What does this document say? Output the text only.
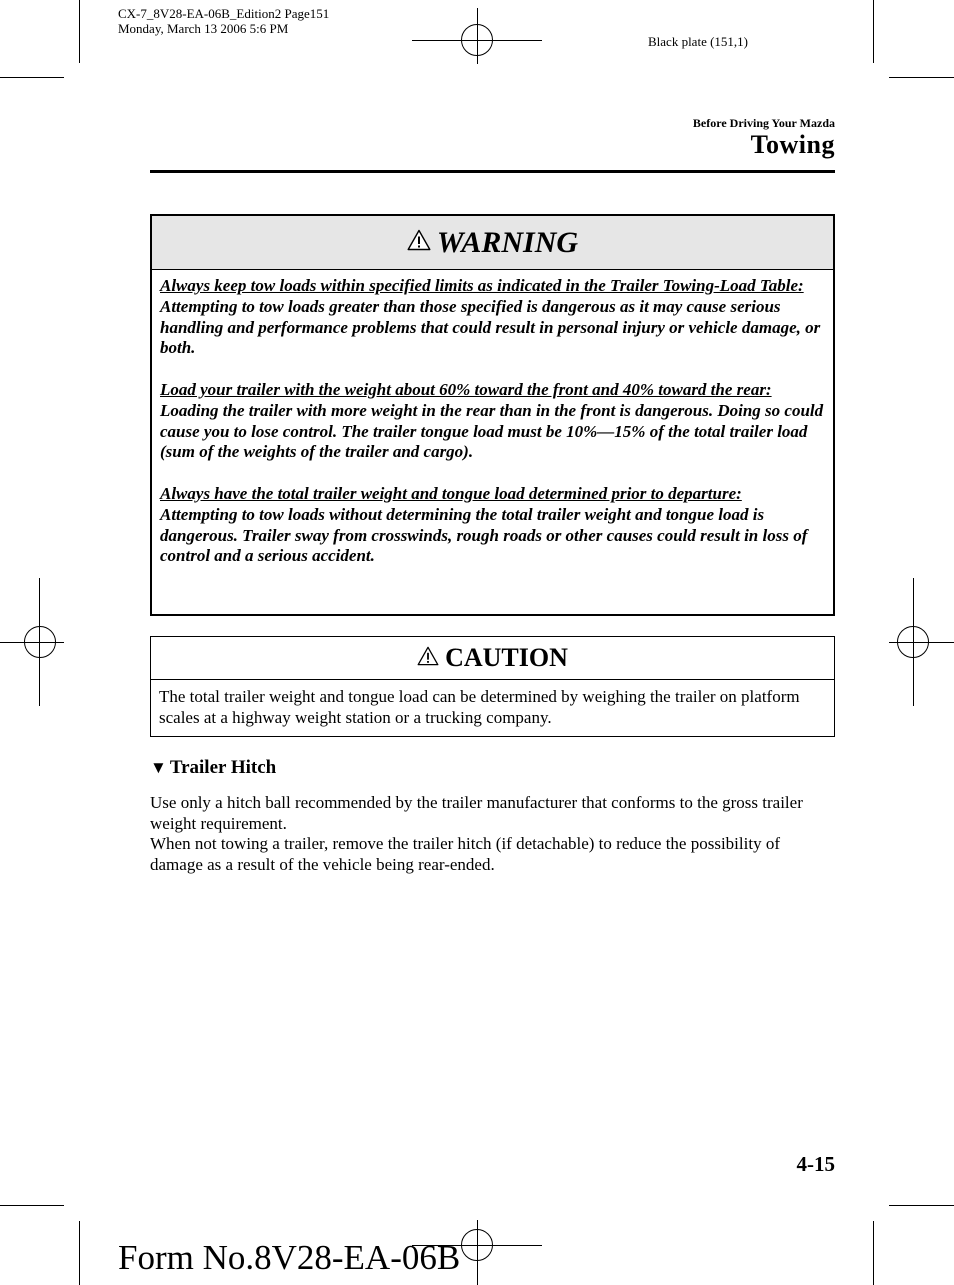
CX-7_8V28-EA-06B_Edition2 Page151
Monday, March 13 2006 5:6 PM
Black plate (151,1)
Before Driving Your Mazda
Towing
WARNING
Always keep tow loads within specified limits as indicated in the Trailer Towing-Load Table:
Attempting to tow loads greater than those specified is dangerous as it may cause serious handling and performance problems that could result in personal injury or vehicle damage, or both.
Load your trailer with the weight about 60% toward the front and 40% toward the rear:
Loading the trailer with more weight in the rear than in the front is dangerous. Doing so could cause you to lose control. The trailer tongue load must be 10%―15% of the total trailer load (sum of the weights of the trailer and cargo).
Always have the total trailer weight and tongue load determined prior to departure:
Attempting to tow loads without determining the total trailer weight and tongue load is dangerous. Trailer sway from crosswinds, rough roads or other causes could result in loss of control and a serious accident.
CAUTION
The total trailer weight and tongue load can be determined by weighing the trailer on platform scales at a highway weight station or a trucking company.
▼ Trailer Hitch
Use only a hitch ball recommended by the trailer manufacturer that conforms to the gross trailer weight requirement.
When not towing a trailer, remove the trailer hitch (if detachable) to reduce the possibility of damage as a result of the vehicle being rear-ended.
4-15
Form No.8V28-EA-06B
